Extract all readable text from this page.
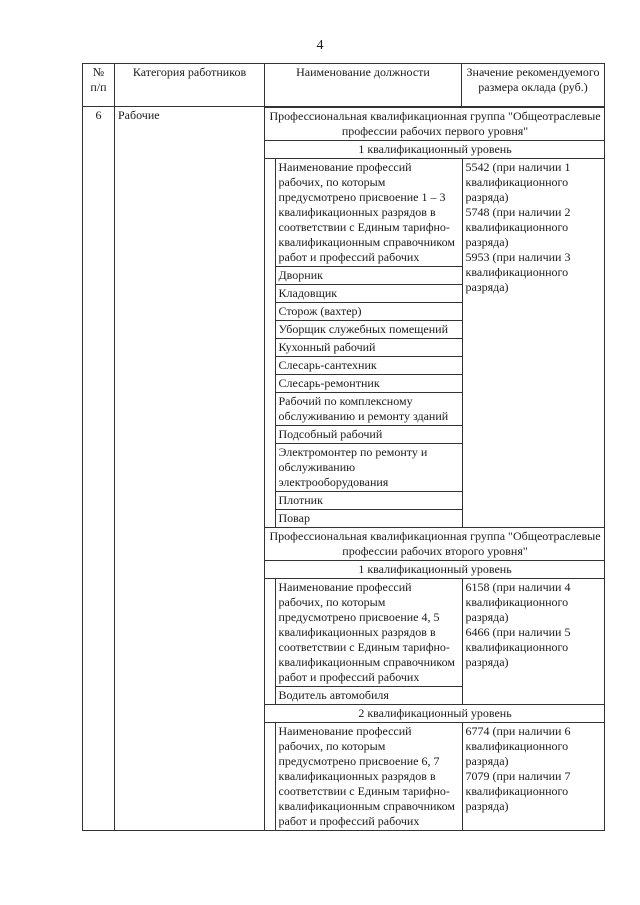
4
№
п/п	Категория работников	Наименование должности	Значение рекомендуемого размера оклада (руб.)
6	Рабочие		Профессиональная квалификационная группа "Общеотраслевые профессии рабочих первого уровня"
1 квалификационный уровень
	Наименование профессий рабочих, по которым предусмотрено присвоение 1 – 3 квалификационных разрядов в соответствии с Единым тарифно-квалификационным справочником работ и профессий рабочих	5542 (при наличии 1 квалификационного разряда)
5748 (при наличии 2 квалификационного разряда)
5953 (при наличии 3 квалификационного разряда)
Дворник
Кладовщик
Сторож (вахтер)
Уборщик служебных помещений
Кухонный рабочий
Слесарь-сантехник
Слесарь-ремонтник
Рабочий по комплексному обслуживанию и ремонту зданий
Подсобный рабочий
Электромонтер по ремонту и обслуживанию электрооборудования
Плотник
Повар
Профессиональная квалификационная группа "Общеотраслевые профессии рабочих второго уровня"
1 квалификационный уровень
	Наименование профессий рабочих, по которым предусмотрено присвоение 4, 5 квалификационных разрядов в соответствии с Единым тарифно-квалификационным справочником работ и профессий рабочих	6158 (при наличии 4 квалификационного разряда)
6466 (при наличии 5 квалификационного разряда)
Водитель автомобиля
2 квалификационный уровень
	Наименование профессий рабочих, по которым предусмотрено присвоение 6, 7 квалификационных разрядов в соответствии с Единым тарифно-квалификационным справочником работ и профессий рабочих	6774 (при наличии 6 квалификационного разряда)
7079 (при наличии 7 квалификационного разряда)
